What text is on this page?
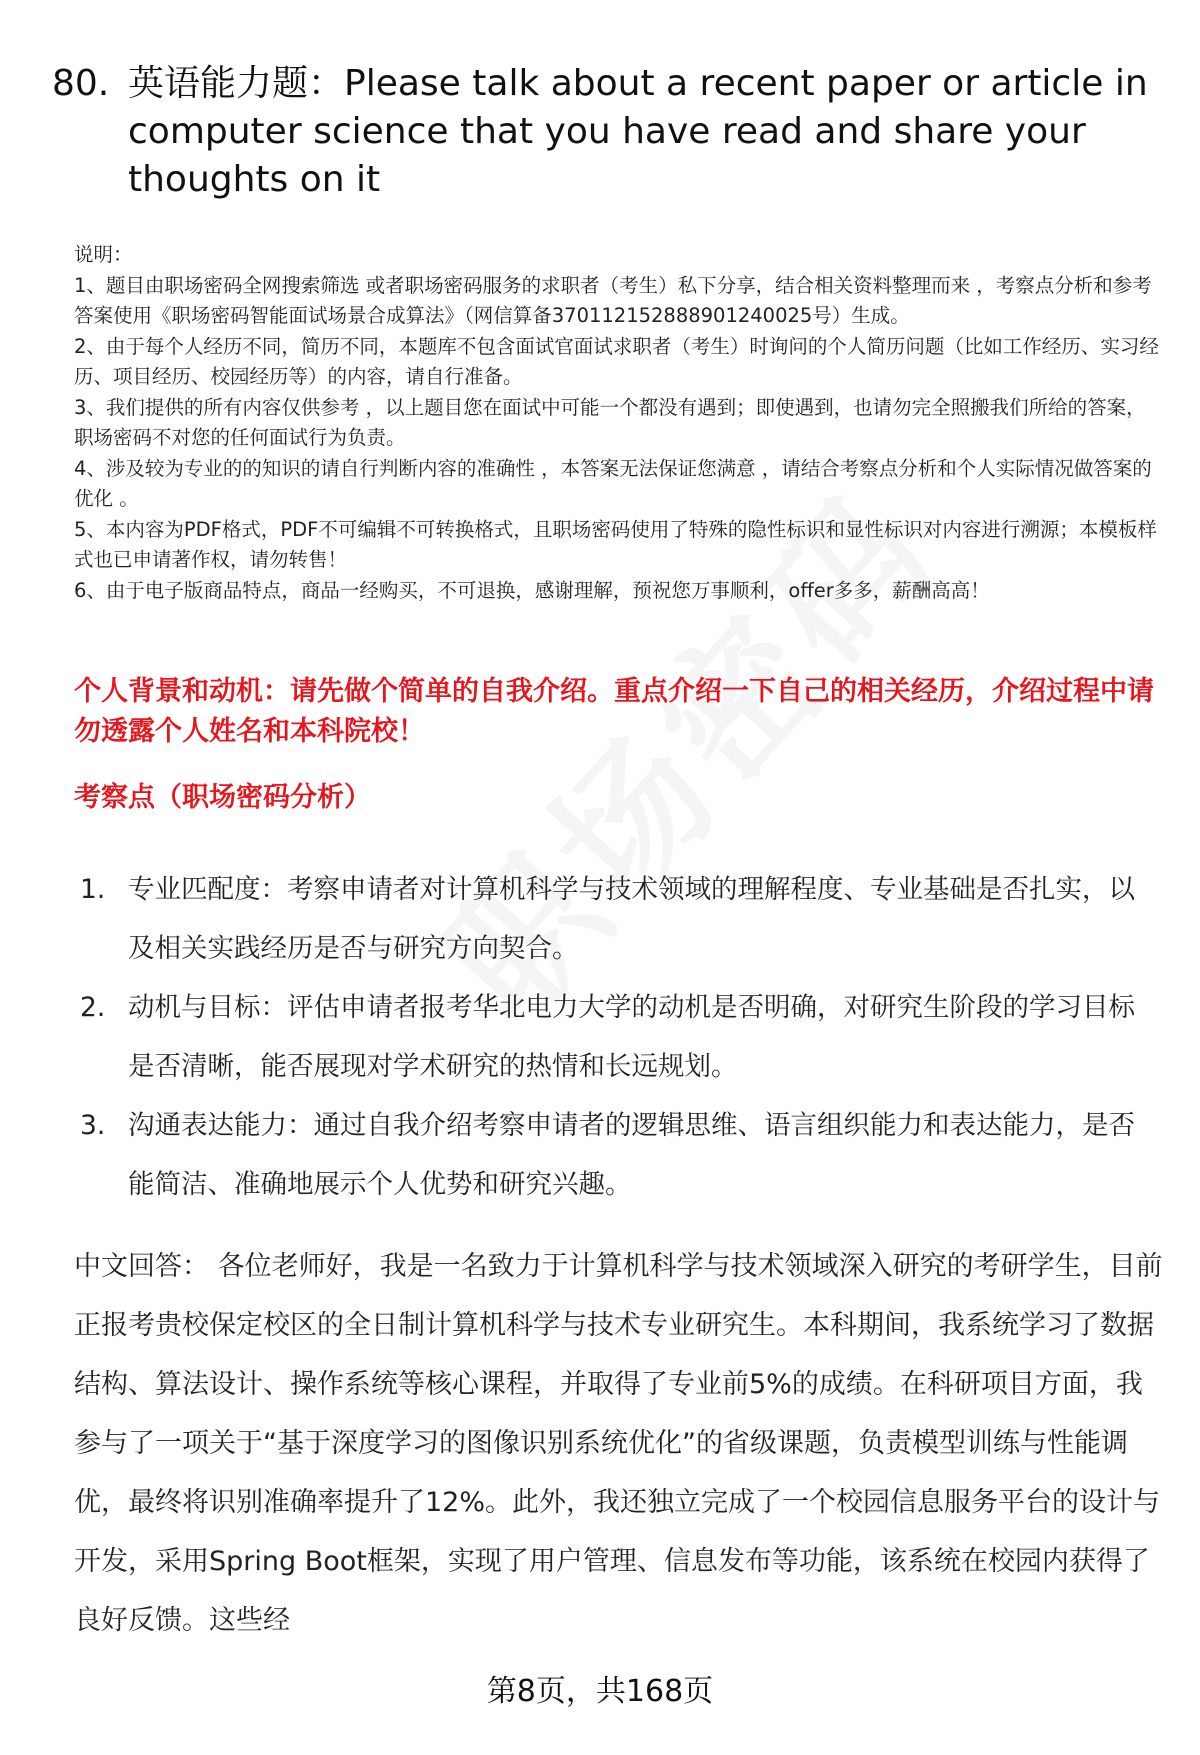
80. 英语能力题：Please talk about a recent paper or article in computer science that you have read and share your thoughts on it

说明：

1、题目由职场密码全网搜索筛选 或者职场密码服务的求职者（考生）私下分享，结合相关资料整理而来 ，考察点分析和参考答案使用《职场密码智能面试场景合成算法》（网信算备370112152888901240025号）生成。

2、由于每个人经历不同，简历不同，本题库不包含面试官面试求职者（考生）时询问的个人简历问题（比如工作经历、实习经历、项目经历、校园经历等）的内容，请自行准备。

3、我们提供的所有内容仅供参考 ，以上题目您在面试中可能一个都没有遇到；即使遇到，也请勿完全照搬我们所给的答案，职场密码不对您的任何面试行为负责。

4、涉及较为专业的的知识的请自行判断内容的准确性 ，本答案无法保证您满意 ，请结合考察点分析和个人实际情况做答案的优化 。

5、本内容为PDF格式，PDF不可编辑不可转换格式，且职场密码使用了特殊的隐性标识和显性标识对内容进行溯源；本模板样式也已申请著作权，请勿转售！

6、由于电子版商品特点，商品一经购买，不可退换，感谢理解，预祝您万事顺利，offer多多，薪酬高高！

个人背景和动机：请先做个简单的自我介绍。重点介绍一下自己的相关经历，介绍过程中请勿透露个人姓名和本科院校！
考察点（职场密码分析）
1. 专业匹配度：考察申请者对计算机科学与技术领域的理解程度、专业基础是否扎实，以及相关实践经历是否与研究方向契合。
2. 动机与目标：评估申请者报考华北电力大学的动机是否明确，对研究生阶段的学习目标是否清晰，能否展现对学术研究的热情和长远规划。
3. 沟通表达能力：通过自我介绍考察申请者的逻辑思维、语言组织能力和表达能力，是否能简洁、准确地展示个人优势和研究兴趣。

中文回答： 各位老师好，我是一名致力于计算机科学与技术领域深入研究的考研学生，目前正报考贵校保定校区的全日制计算机科学与技术专业研究生。本科期间，我系统学习了数据结构、算法设计、操作系统等核心课程，并取得了专业前5%的成绩。在科研项目方面，我参与了一项关于“基于深度学习的图像识别系统优化”的省级课题，负责模型训练与性能调优，最终将识别准确率提升了12%。此外，我还独立完成了一个校园信息服务平台的设计与开发，采用Spring Boot框架，实现了用户管理、信息发布等功能，该系统在校园内获得了良好反馈。这些经

第8页，共168页
